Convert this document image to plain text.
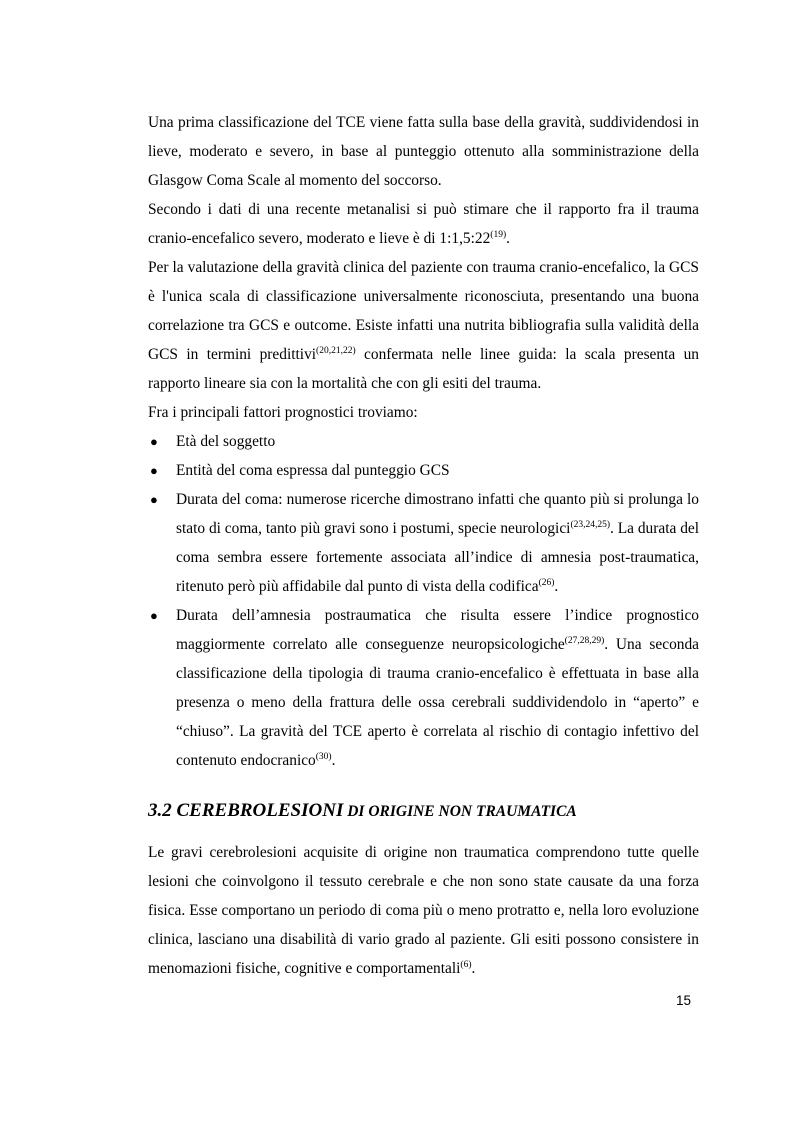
Una prima classificazione del TCE viene fatta sulla base della gravità, suddividendosi in lieve, moderato e severo, in base al punteggio ottenuto alla somministrazione della Glasgow Coma Scale al momento del soccorso.

Secondo i dati di una recente metanalisi si può stimare che il rapporto fra il trauma cranio-encefalico severo, moderato e lieve è di 1:1,5:22$^{(19)}$.

Per la valutazione della gravità clinica del paziente con trauma cranio-encefalico, la GCS è l'unica scala di classificazione universalmente riconosciuta, presentando una buona correlazione tra GCS e outcome. Esiste infatti una nutrita bibliografia sulla validità della GCS in termini predittivi$^{(20,21,22)}$ confermata nelle linee guida: la scala presenta un rapporto lineare sia con la mortalità che con gli esiti del trauma.

Fra i principali fattori prognostici troviamo:

● Età del soggetto
● Entità del coma espressa dal punteggio GCS
● Durata del coma: numerose ricerche dimostrano infatti che quanto più si prolunga lo stato di coma, tanto più gravi sono i postumi, specie neurologici$^{(23,24,25)}$. La durata del coma sembra essere fortemente associata all’indice di amnesia post-traumatica, ritenuto però più affidabile dal punto di vista della codifica$^{(26)}$.
● Durata dell’amnesia postraumatica che risulta essere l’indice prognostico maggiormente correlato alle conseguenze neuropsicologiche$^{(27,28,29)}$. Una seconda classificazione della tipologia di trauma cranio-encefalico è effettuata in base alla presenza o meno della frattura delle ossa cerebrali suddividendolo in “aperto” e “chiuso”. La gravità del TCE aperto è correlata al rischio di contagio infettivo del contenuto endocranico$^{(30)}$.
3.2 CEREBROLESIONI DI ORIGINE NON TRAUMATICA

Le gravi cerebrolesioni acquisite di origine non traumatica comprendono tutte quelle lesioni che coinvolgono il tessuto cerebrale e che non sono state causate da una forza fisica. Esse comportano un periodo di coma più o meno protratto e, nella loro evoluzione clinica, lasciano una disabilità di vario grado al paziente. Gli esiti possono consistere in menomazioni fisiche, cognitive e comportamentali$^{(6)}$.

15
